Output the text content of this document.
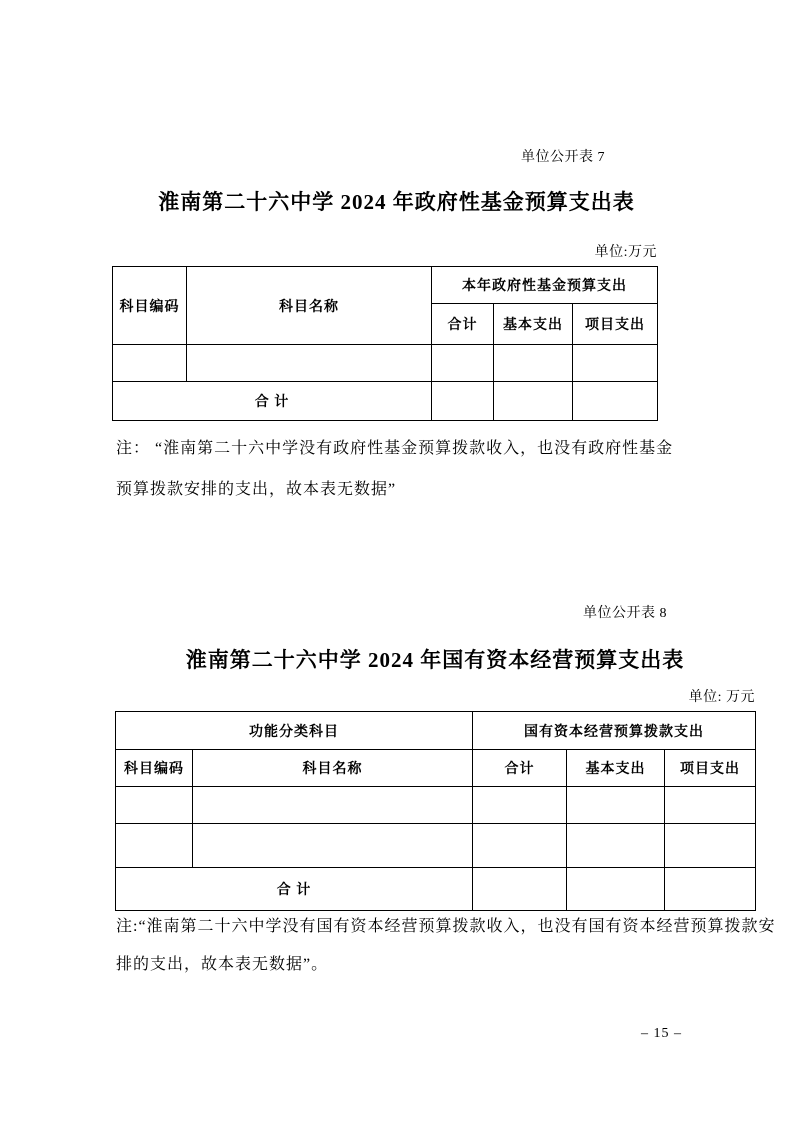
单位公开表 7
淮南第二十六中学 2024 年政府性基金预算支出表
单位:万元
科目编码	科目名称	本年政府性基金预算支出		
		合计	基本支出	项目支出

合 计				
注： “淮南第二十六中学没有政府性基金预算拨款收入，也没有政府性基金
预算拨款安排的支出，故本表无数据”
单位公开表 8
淮南第二十六中学 2024 年国有资本经营预算支出表
单位: 万元
功能分类科目		国有资本经营预算拨款支出		
科目编码	科目名称	合计	基本支出	项目支出

合 计				
注:“淮南第二十六中学没有国有资本经营预算拨款收入，也没有国有资本经营预算拨款安
排的支出，故本表无数据”。
– 15 –
